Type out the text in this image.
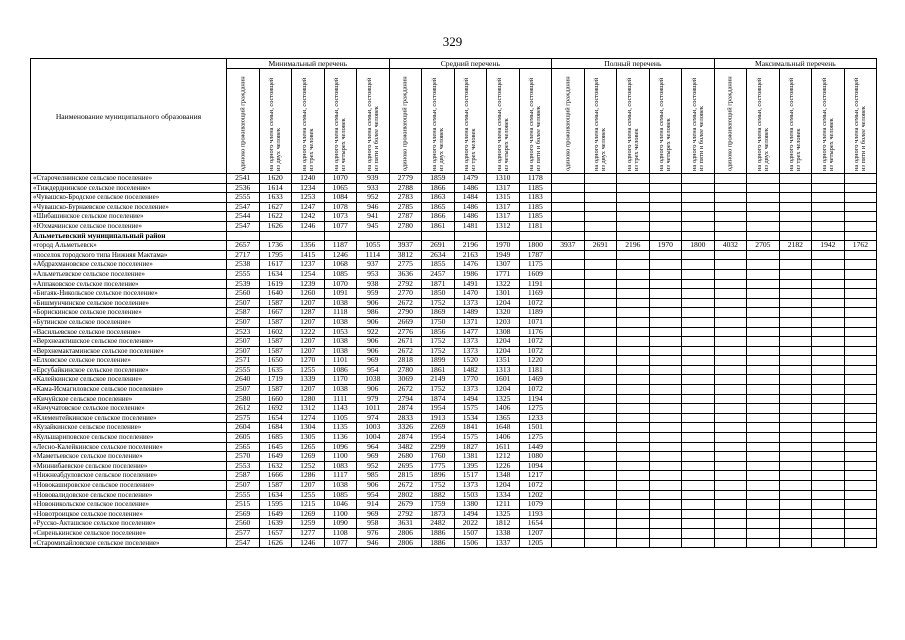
329
Наименование муниципального образования	Минимальный перечень					Средний перечень					Полный перечень					Максимальный перечень				

	одиноко проживающий гражданин	на одного члена семьи, состоящей из двух человек	на одного члена семьи, состоящей из трех человек	на одного члена семьи, состоящей из четырех человек	на одного члена семьи, состоящей из пяти и более человек	одиноко проживающий гражданин	на одного члена семьи, состоящей из двух человек	на одного члена семьи, состоящей из трех человек	на одного члена семьи, состоящей из четырех человек	на одного члена семьи, состоящей из пяти и более человек	одиноко проживающий гражданин	на одного члена семьи, состоящей из двух человек	на одного члена семьи, состоящей из трех человек	на одного члена семьи, состоящей из четырех человек	на одного члена семьи, состоящей из пяти и более человек	одиноко проживающий гражданин	на одного члена семьи, состоящей из двух человек	на одного члена семьи, состоящей из трех человек	на одного члена семьи, состоящей из четырех человек	на одного члена семьи, состоящей из пяти и более человек

«Старочелнинское сельское поселение»	2541	1620	1240	1070	939	2779	1859	1479	1310	1178										
«Тиждерднинское сельское поселение»	2536	1614	1234	1065	933	2788	1866	1486	1317	1185										
«Чувашско-Бродское сельское поселение»	2555	1633	1253	1084	952	2783	1863	1484	1315	1183										
«Чувашско-Бурнаевское сельское поселение»	2547	1627	1247	1078	946	2785	1865	1486	1317	1185										
«Шибашинское сельское поселение»	2544	1622	1242	1073	941	2787	1866	1486	1317	1185										
«Юхмачинское сельское поселение»	2547	1626	1246	1077	945	2780	1861	1481	1312	1181										
Альметьевский муниципальный район																				
«город Альметьевск»	2657	1736	1356	1187	1055	3937	2691	2196	1970	1800	3937	2691	2196	1970	1800	4032	2705	2182	1942	1762
«поселок городского типа Нижняя Мактама»	2717	1795	1415	1246	1114	3812	2634	2163	1949	1787										
«Абдрахмановское сельское поселение»	2538	1617	1237	1068	937	2775	1855	1476	1307	1175										
«Альметьевское сельское поселение»	2555	1634	1254	1085	953	3636	2457	1986	1771	1609										
«Аппаковское сельское поселение»	2539	1619	1239	1070	938	2792	1871	1491	1322	1191										
«Бигаяк-Никольское сельское поселение»	2560	1640	1260	1091	959	2770	1850	1470	1301	1169										
«Бишмунчинское сельское поселение»	2507	1587	1207	1038	906	2672	1752	1373	1204	1072										
«Борискинское сельское поселение»	2587	1667	1287	1118	986	2790	1869	1489	1320	1189										
«Бутинское сельское поселение»	2507	1587	1207	1038	906	2669	1750	1371	1203	1071										
«Васильевское сельское поселение»	2523	1602	1222	1053	922	2776	1856	1477	1308	1176										
«Верхнеактишское сельское поселение»	2507	1587	1207	1038	906	2671	1752	1373	1204	1072										
«Верхнемактаминское сельское поселение»	2507	1587	1207	1038	906	2672	1752	1373	1204	1072										
«Елховское сельское поселение»	2571	1650	1270	1101	969	2818	1899	1520	1351	1220										
«Ерсубайкинское сельское поселение»	2555	1635	1255	1086	954	2780	1861	1482	1313	1181										
«Калейкинское сельское поселение»	2640	1719	1339	1170	1038	3069	2149	1770	1601	1469										
«Кама-Исмагиловское сельское поселение»	2507	1587	1207	1038	906	2672	1752	1373	1204	1072										
«Кичуйское сельское поселение»	2580	1660	1280	1111	979	2794	1874	1494	1325	1194										
«Кичучатовское сельское поселение»	2612	1692	1312	1143	1011	2874	1954	1575	1406	1275										
«Клементейкинское сельское поселение»	2575	1654	1274	1105	974	2833	1913	1534	1365	1233										
«Кузайкинское сельское поселение»	2604	1684	1304	1135	1003	3326	2269	1841	1648	1501										
«Кульшариповское сельское поселение»	2605	1685	1305	1136	1004	2874	1954	1575	1406	1275										
«Лесно-Калейкинское сельское поселение»	2565	1645	1265	1096	964	3482	2299	1827	1611	1449										
«Маметьевское сельское поселение»	2570	1649	1269	1100	969	2680	1760	1381	1212	1080										
«Миннибаевское сельское поселение»	2553	1632	1252	1083	952	2695	1775	1395	1226	1094										
«Нижнеабдуловское сельское поселение»	2587	1666	1286	1117	985	2815	1896	1517	1348	1217										
«Новокашировское сельское поселение»	2507	1587	1207	1038	906	2672	1752	1373	1204	1072										
«Нововалидовское сельское поселение»	2555	1634	1255	1085	954	2802	1882	1503	1334	1202										
«Новоникольское сельское поселение»	2515	1595	1215	1046	914	2679	1759	1380	1211	1079										
«Новотроицкое сельское поселение»	2569	1649	1269	1100	969	2792	1873	1494	1325	1193										
«Русско-Акташское сельское поселение»	2560	1639	1259	1090	958	3631	2482	2022	1812	1654										
«Сиренькинское сельское поселение»	2577	1657	1277	1108	976	2806	1886	1507	1338	1207										
«Старомихайловское сельское поселение»	2547	1626	1246	1077	946	2806	1886	1506	1337	1205										
